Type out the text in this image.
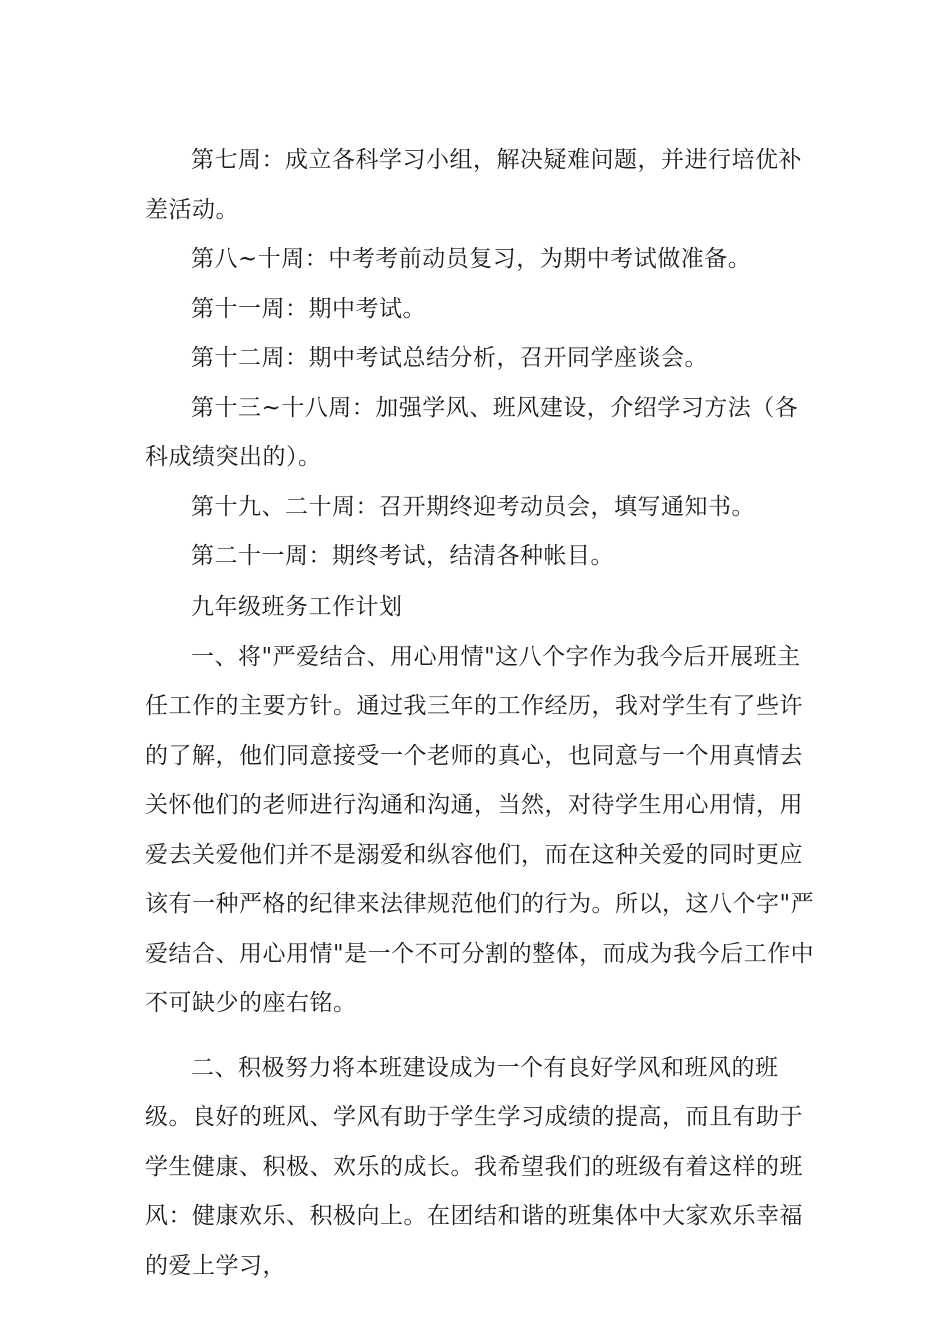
第七周：成立各科学习小组，解决疑难问题，并进行培优补差活动。

第八~十周：中考考前动员复习，为期中考试做准备。

第十一周：期中考试。

第十二周：期中考试总结分析，召开同学座谈会。

第十三~十八周：加强学风、班风建设，介绍学习方法（各科成绩突出的）。

第十九、二十周：召开期终迎考动员会，填写通知书。

第二十一周：期终考试，结清各种帐目。

九年级班务工作计划

一、将"严爱结合、用心用情"这八个字作为我今后开展班主任工作的主要方针。通过我三年的工作经历，我对学生有了些许的了解，他们同意接受一个老师的真心，也同意与一个用真情去关怀他们的老师进行沟通和沟通，当然，对待学生用心用情，用爱去关爱他们并不是溺爱和纵容他们，而在这种关爱的同时更应该有一种严格的纪律来法律规范他们的行为。所以，这八个字"严爱结合、用心用情"是一个不可分割的整体，而成为我今后工作中不可缺少的座右铭。

二、积极努力将本班建设成为一个有良好学风和班风的班级。良好的班风、学风有助于学生学习成绩的提高，而且有助于学生健康、积极、欢乐的成长。我希望我们的班级有着这样的班风：健康欢乐、积极向上。在团结和谐的班集体中大家欢乐幸福的爱上学习，
